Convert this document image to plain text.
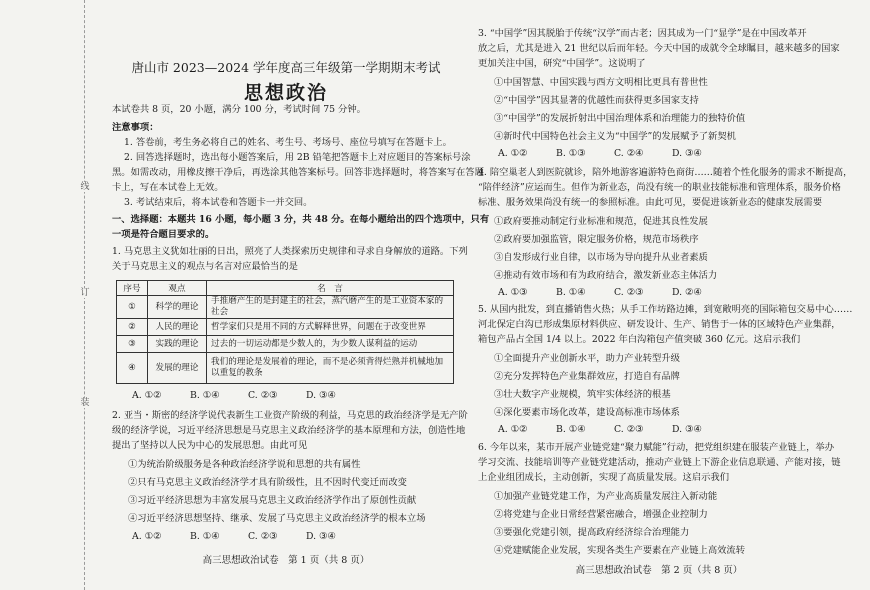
线
订
装
唐山市 2023—2024 学年度高三年级第一学期期末考试
思想政治
本试卷共 8 页，20 小题，满分 100 分，考试时间 75 分钟。
注意事项：
1. 答卷前，考生务必将自己的姓名、考生号、考场号、座位号填写在答题卡上。
2. 回答选择题时，选出每小题答案后，用 2B 铅笔把答题卡上对应题目的答案标号涂
黑。如需改动，用橡皮擦干净后，再选涂其他答案标号。回答非选择题时，将答案写在答题
卡上，写在本试卷上无效。
3. 考试结束后，将本试卷和答题卡一并交回。
一、选择题：本题共 16 小题，每小题 3 分，共 48 分。在每小题给出的四个选项中，只有
一项是符合题目要求的。
1. 马克思主义犹如壮丽的日出，照亮了人类探索历史规律和寻求自身解放的道路。下列
关于马克思主义的观点与名言对应最恰当的是
序号	观点	名　言
①	科学的理论	手推磨产生的是封建主的社会，蒸汽磨产生的是工业资本家的社会
②	人民的理论	哲学家们只是用不同的方式解释世界，问题在于改变世界
③	实践的理论	过去的一切运动都是少数人的，为少数人谋利益的运动
④	发展的理论	我们的理论是发展着的理论，而不是必须背得烂熟并机械地加以重复的教条
A. ①②	B. ①④	C. ②③	D. ③④
2. 亚当・斯密的经济学说代表新生工业资产阶级的利益，马克思的政治经济学是无产阶
级的经济学说，习近平经济思想是马克思主义政治经济学的基本原理和方法，创造性地
提出了坚持以人民为中心的发展思想。由此可见
①为统治阶级服务是各种政治经济学说和思想的共有属性
②只有马克思主义政治经济学才具有阶级性，且不因时代变迁而改变
③习近平经济思想为丰富发展马克思主义政治经济学作出了原创性贡献
④习近平经济思想坚持、继承、发展了马克思主义政治经济学的根本立场
A. ①②	B. ①④	C. ②③	D. ③④
高三思想政治试卷　第 1 页（共 8 页）
3. “中国学”因其脱胎于传统“汉学”而古老；因其成为一门“显学”是在中国改革开
放之后，尤其是进入 21 世纪以后而年轻。今天中国的成就令全球瞩目，越来越多的国家
更加关注中国，研究“中国学”。这说明了
①中国智慧、中国实践与西方文明相比更具有普世性
②“中国学”因其显著的优越性而获得更多国家支持
③“中国学”的发展折射出中国治理体系和治理能力的独特价值
④新时代中国特色社会主义为“中国学”的发展赋予了新契机
A. ①②	B. ①③	C. ②④	D. ③④
4. 陪空巢老人到医院就诊，陪外地游客遍游特色商街……随着个性化服务的需求不断提高，
“陪伴经济”应运而生。但作为新业态，尚没有统一的职业技能标准和管理体系，服务价格
标准、服务效果尚没有统一的参照标准。由此可见，要促进该新业态的健康发展需要
①政府要推动制定行业标准和规范，促进其良性发展
②政府要加强监管，限定服务价格，规范市场秩序
③自发形成行业自律，以市场为导向提升从业者素质
④推动有效市场和有为政府结合，激发新业态主体活力
A. ①③	B. ①④	C. ②③	D. ②④
5. 从国内批发，到直播销售火热；从手工作坊路边摊，到宽敞明亮的国际箱包交易中心……
河北保定白沟已形成集原材料供应、研发设计、生产、销售于一体的区域特色产业集群，
箱包产品占全国 1/4 以上。2022 年白沟箱包产值突破 360 亿元。这启示我们
①全面提升产业创新水平，助力产业转型升级
②充分发挥特色产业集群效应，打造自有品牌
③壮大数字产业规模，筑牢实体经济的根基
④深化要素市场化改革，建设高标准市场体系
A. ①②	B. ①④	C. ②③	D. ③④
6. 今年以来，某市开展产业链党建“聚力赋能”行动，把党组织建在服装产业链上，举办
学习交流、技能培训等产业链党建活动，推动产业链上下游企业信息联通、产能对接，链
上企业组团成长，主动创新，实现了高质量发展。这启示我们
①加强产业链党建工作，为产业高质量发展注入新动能
②将党建与企业日常经营紧密融合，增强企业控制力
③要强化党建引领，提高政府经济综合治理能力
④党建赋能企业发展，实现各类生产要素在产业链上高效流转
高三思想政治试卷　第 2 页（共 8 页）
